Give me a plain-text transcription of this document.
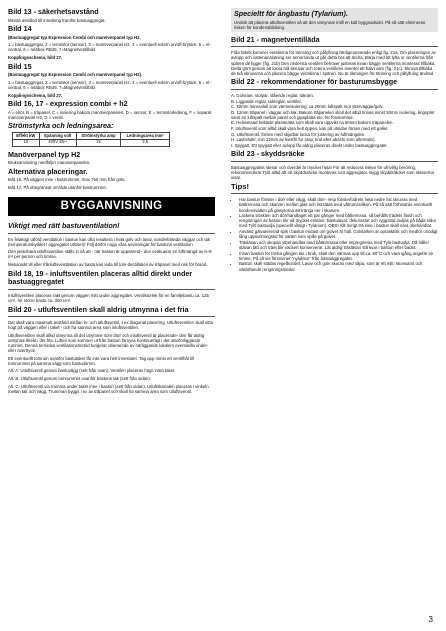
Bild 13 - säkerhetsavstånd
Minsta avstånd till inredning framför bastuaggregat.
Bild 14
(Bastuaggregat typ Expression Combi och manöverpanel typ H2.
1.= bastuaggregat, 2 = termistor (sensor), 3 = manöverpanel H2, 4 = eventuell extern on/off-brytare, 5 = el-central, 6 = reläbox RB45, 7=Magnetventilbild
Kopplingsschema, bild 27.
Bild 15
(Bastuaggregat typ Expression Combi och manöverpanel typ H2).
1.= bastuaggregat, 2 = termistor (sensor), 3 = manöverpanel H2, 4 = eventuell extern on/off-brytare, 5 = el-central, 6 = reläbox RB45. 7=Magnetventilbild
Kopplingsschema, bild 27.
Bild 16, 17 - expression combi + h2
A = elrör, B = träpanel, C = isolering bakom manöverpanelen, D = sensor, E = termistorledning, F = separat manöverpanel H2, G = ventil.
Strömstyrka och ledningsarea:
Effekt kW	Spänning volt	Strömstyrka amp	Ledningsarea mm²
10	400V 3N~	15	2,5
Manöverpanel typ H2
Bruksanvisning medföljer manöverpanelen.
Alternativa placeringar.
Bild 16. På väggen inne i bastrummet, max 760 mm från golv.
Bild 17. På obegränsat område utanför bastrummet.
BYGGANVISNING
Viktigt med rätt bastuventilation!
En felaktigt utförd ventilation i bastun kan ofta resultera i heta golv och lavar, sönderbrända väggar och tak (temperaturskyddet i aggregatet utlöser)! Följ därför noga våra anvisningar för bastuns ventilation.
Den jaslerbara utluftsventilen ställs in så att - när bastun är uppvärmd - den evakuerar en luftmängd av 6–8 m³ per person och timme.
Mekaniskt till eller frånluftsventilation av bastu kan leda till tom-destillation av träpanel med risk för brand.
Bild 18, 19 - inluftsventilen placeras alltid direkt under bastuaggregatet
Inluftsventilen placeras rakt genom väggen mitt under aggregatet. Ventilstorlek för en familjebastu ca. 125 cm², för större bastu ca. 300 cm².
Bild 20 - utluftsventilen skall aldrig utmynna i det fria
Det skall vara maximalt avstånd mellan in- och utluftsventil, t ex diagonal placering. Utluftsventilen skall sitta högt på väggen eller i taket - och ha samma area som inluftsventilen.
Utluftsventilen skall alltid utmynna till det utrymme som dörr och inluftsventil är placerade- den får aldrig utmynna direkt i det fria. Luften som kommer ut från bastun förnyas kontinuerligt i det utanförliggande rummet. Denna termiska ventilationsmetod fungerar oberoende av närliggande lokalers eventuella under- eller övertryck.
Ett eventuellt tomrum ovanför bastutaket får inte vara helt inneslutet. Tag upp minst ett ventilhål till tomrummet på samma vägg som bastudörren.
Alt. A: Utluftsventil genom bastuvägg (sett från ovan). Ventilen placeras högt, nära taket.
Alt. B: Utluftsventil genom tomrummet ovanför bastuns tak (sett från sidan).
Alt. C: Utluftsventil via trumma under taket inne i bastun (sett från sidan). Utluftskanalen placeras i vinkeln mellan tak och vägg. Trumman byggs i ex av träpanel och skall ha samma area som utluftsventil.
Specieltt för ångbastu (Tylarium).
Undvik att placera utluftsventilen så att den utmynnar intill en kall byggnadsdel. På så sätt elimineras risken för kondensbildning.
Bild 21 - magnetventilläda
Från fabrik kommer ventilerna för tömning och påfyllning färdigmonterade enligt fig. 21a. Om placeringen av avlopp och vattenanslutning ser annorlunda ut går detta bra att ändra. Börja med att lyfta ur ventilerna från spären de ligger (fig. 21b) Den nedersta ventilen behöver justeras innan bägge ventilerna monteras tillbaka. Detta görs genom att lossa två skruvar och rotera ventilens överdel ett halvt varv (fig. 21c). Skruva tillbaka de två skruvarna och placera bägge ventilerna i spären. Nu är riktningen för tömning och påfyllning ändrad.
Bild 22 - rekommendationer för basturumsbygge
A. Golvram, stolpar, stående reglar, takram.
B. Liggande reglar, takreglar, ventiler.
C. 50mm mineralull som värmeisolering; ca 20mm luftspalt mot ytterväggar/golv.
D. 12mm träpanel i väggar och tak. Bakom träpanelen skall det alltid finnas minst 50mm isolering, ångspärr samt en luftspalt mellan panel och gipsplatta etc. för förekomma.
E. Helsvetsad heltäckt plastmatta som skall vara uppvikt ca 50mm bakom träpanelen.
F. Inluftsventil som alltid skall vara helt öppen, kan på utsidan förses med ett galler.
G. Utluftsventil, förses med skjutbar lucka för justering av luftmängden.
H. Lavbräder, min 22mm av kvistfri fur (asp, lind eller abachi som alternativ).
I. Spygatt. Ett spygatt eller avlopp får aldrig placeras direkt under bastuaggregatet.
Bild 23 - skyddsräcke
Bastuaggregatets stenar och överdel är mycket heta! För att reducera risken för ofrivillig beröring, rekommenderar Tylö alltid att ett skyddsräcke monteras runt aggregatet. Bygg skyddsräcket som skisserna visar.
Tips!
• Har bastun fönster i dörr eller vägg, skall dörr- resp fönsterfodrets heta nedre list skruvas med bättremssa och skarven mellan glas och list tätas med våtrumssilikon. På så sätt förhindras eventuellt kondensvatten på glasytorna att tränga ner i skarven.
• Lackera trösklen och dörrhandtaget ett par gånger med båtlermssa, så behålls trädets finish och rengöringen av bastun blir så mycket enklare. Bastulavar, dekoraster och ryggstöd inuljas på båda sidor med Tylö bastuolja (speciellt viktigt i Tylarium). OBS! Allt övrigt trä inne i bastun skall vara obehandlat.
• Använd galvaniserad spik i bastun endast om golvet är hall. Golvlarken är oprasktisk och medför onödigt lång upptorkningstid för vatten som spills på golvet.
• Träslävan och skopan ytbehandlas med båttermissa eller impregneras med Tylö bastuolja. Då håller stävan tätt och träet blir vackert konserverat. Lät aldrig träslävan stå kvar i bastun efter badet.
• Innan bastun för första gången tas i bruk, skall den värmas upp till ca. 90°C och vara igång ungefär en timme. På så vis försvinner "nylukten" från bastuaggregatet.
• Bastun skall städas regelbundet. Lavar och golv skuras med såpa, som är ett milt, skonsamt och väldoftande rengöringsmedel.
3
